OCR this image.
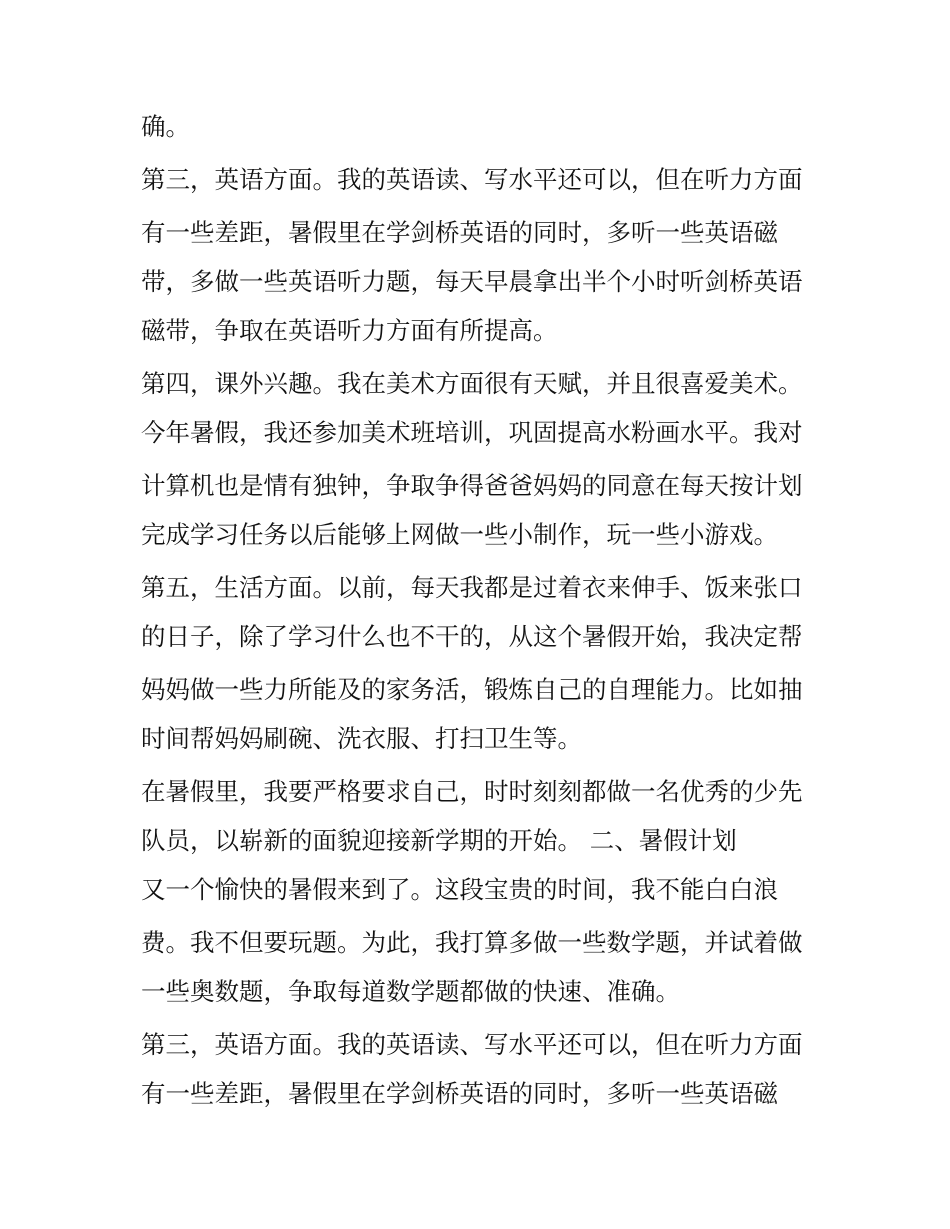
确。

第三，英语方面。我的英语读、写水平还可以，但在听力方面

有一些差距，暑假里在学剑桥英语的同时，多听一些英语磁

带，多做一些英语听力题，每天早晨拿出半个小时听剑桥英语

磁带，争取在英语听力方面有所提高。

第四，课外兴趣。我在美术方面很有天赋，并且很喜爱美术。

今年暑假，我还参加美术班培训，巩固提高水粉画水平。我对

计算机也是情有独钟，争取争得爸爸妈妈的同意在每天按计划

完成学习任务以后能够上网做一些小制作，玩一些小游戏。

第五，生活方面。以前，每天我都是过着衣来伸手、饭来张口

的日子，除了学习什么也不干的，从这个暑假开始，我决定帮

妈妈做一些力所能及的家务活，锻炼自己的自理能力。比如抽

时间帮妈妈刷碗、洗衣服、打扫卫生等。

在暑假里，我要严格要求自己，时时刻刻都做一名优秀的少先

队员，以崭新的面貌迎接新学期的开始。 二、暑假计划

又一个愉快的暑假来到了。这段宝贵的时间，我不能白白浪

费。我不但要玩题。为此，我打算多做一些数学题，并试着做

一些奥数题，争取每道数学题都做的快速、准确。

第三，英语方面。我的英语读、写水平还可以，但在听力方面

有一些差距，暑假里在学剑桥英语的同时，多听一些英语磁
